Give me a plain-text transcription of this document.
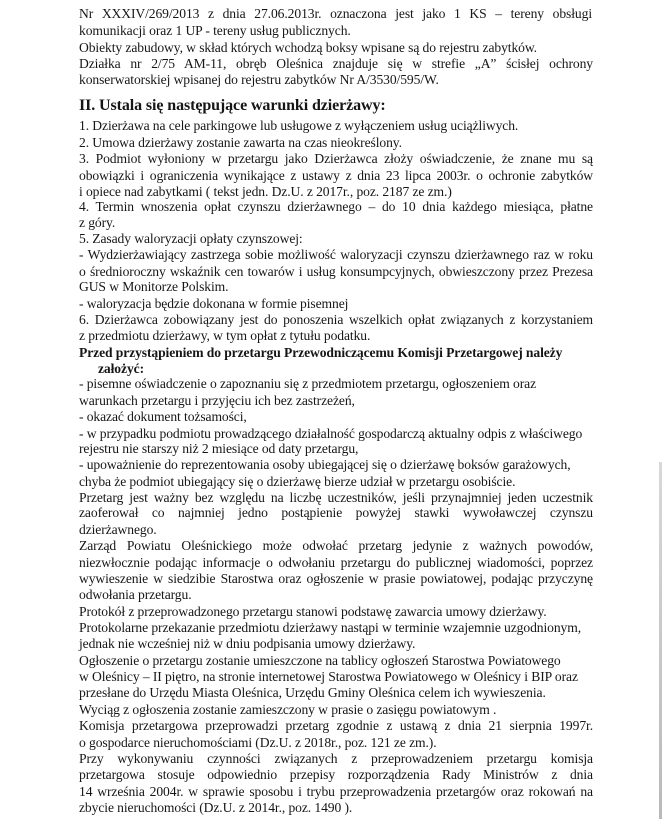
Nr XXXIV/269/2013 z dnia 27.06.2013r. oznaczona jest jako 1 KS – tereny obsługi
komunikacji oraz 1 UP - tereny usług publicznych.
Obiekty zabudowy, w skład których wchodzą boksy wpisane są do rejestru zabytków.
Działka nr 2/75 AM-11, obręb Oleśnica znajduje się w strefie „A” ścisłej ochrony
konserwatorskiej wpisanej do rejestru zabytków Nr A/3530/595/W.
II. Ustala się następujące warunki dzierżawy:
1. Dzierżawa na cele parkingowe lub usługowe z wyłączeniem usług uciążliwych.
2. Umowa dzierżawy zostanie zawarta na czas nieokreślony.
3. Podmiot wyłoniony w przetargu jako Dzierżawca złoży oświadczenie, że znane mu są
obowiązki i ograniczenia wynikające z ustawy z dnia 23 lipca 2003r. o ochronie zabytków
i opiece nad zabytkami ( tekst jedn. Dz.U. z 2017r., poz. 2187 ze zm.)
4. Termin wnoszenia opłat czynszu dzierżawnego – do 10 dnia każdego miesiąca, płatne
z góry.
5. Zasady waloryzacji opłaty czynszowej:
- Wydzierżawiający zastrzega sobie możliwość waloryzacji czynszu dzierżawnego raz w roku
o średnioroczny wskaźnik cen towarów i usług konsumpcyjnych, obwieszczony przez Prezesa
GUS w Monitorze Polskim.
- waloryzacja będzie dokonana w formie pisemnej
6. Dzierżawca zobowiązany jest do ponoszenia wszelkich opłat związanych z korzystaniem
z przedmiotu dzierżawy, w tym opłat z tytułu podatku.
Przed przystąpieniem do przetargu Przewodniczącemu Komisji Przetargowej należy
założyć:
- pisemne oświadczenie o zapoznaniu się z przedmiotem przetargu, ogłoszeniem oraz
warunkach przetargu i przyjęciu ich bez zastrzeżeń,
- okazać dokument tożsamości,
- w przypadku podmiotu prowadzącego działalność gospodarczą aktualny odpis z właściwego
rejestru nie starszy niż 2 miesiące od daty przetargu,
- upoważnienie do reprezentowania osoby ubiegającej się o dzierżawę boksów garażowych,
chyba że podmiot ubiegający się o dzierżawę bierze udział w przetargu osobiście.
Przetarg jest ważny bez względu na liczbę uczestników, jeśli przynajmniej jeden uczestnik
zaoferował co najmniej jedno postąpienie powyżej stawki wywoławczej czynszu
dzierżawnego.
Zarząd Powiatu Oleśnickiego może odwołać przetarg jedynie z ważnych powodów,
niezwłocznie podając informacje o odwołaniu przetargu do publicznej wiadomości, poprzez
wywieszenie w siedzibie Starostwa oraz ogłoszenie w prasie powiatowej, podając przyczynę
odwołania przetargu.
Protokół z przeprowadzonego przetargu stanowi podstawę zawarcia umowy dzierżawy.
Protokolarne przekazanie przedmiotu dzierżawy nastąpi w terminie wzajemnie uzgodnionym,
jednak nie wcześniej niż w dniu podpisania umowy dzierżawy.
Ogłoszenie o przetargu zostanie umieszczone na tablicy ogłoszeń Starostwa Powiatowego
w Oleśnicy – II piętro, na stronie internetowej Starostwa Powiatowego w Oleśnicy i BIP oraz
przesłane do Urzędu Miasta Oleśnica, Urzędu Gminy Oleśnica celem ich wywieszenia.
Wyciąg z ogłoszenia zostanie zamieszczony w prasie o zasięgu powiatowym .
Komisja przetargowa przeprowadzi przetarg zgodnie z ustawą z dnia 21 sierpnia 1997r.
o gospodarce nieruchomościami (Dz.U. z 2018r., poz. 121 ze zm.).
Przy wykonywaniu czynności związanych z przeprowadzeniem przetargu komisja
przetargowa stosuje odpowiednio przepisy rozporządzenia Rady Ministrów z dnia
14 września 2004r. w sprawie sposobu i trybu przeprowadzenia przetargów oraz rokowań na
zbycie nieruchomości (Dz.U. z 2014r., poz. 1490 ).
